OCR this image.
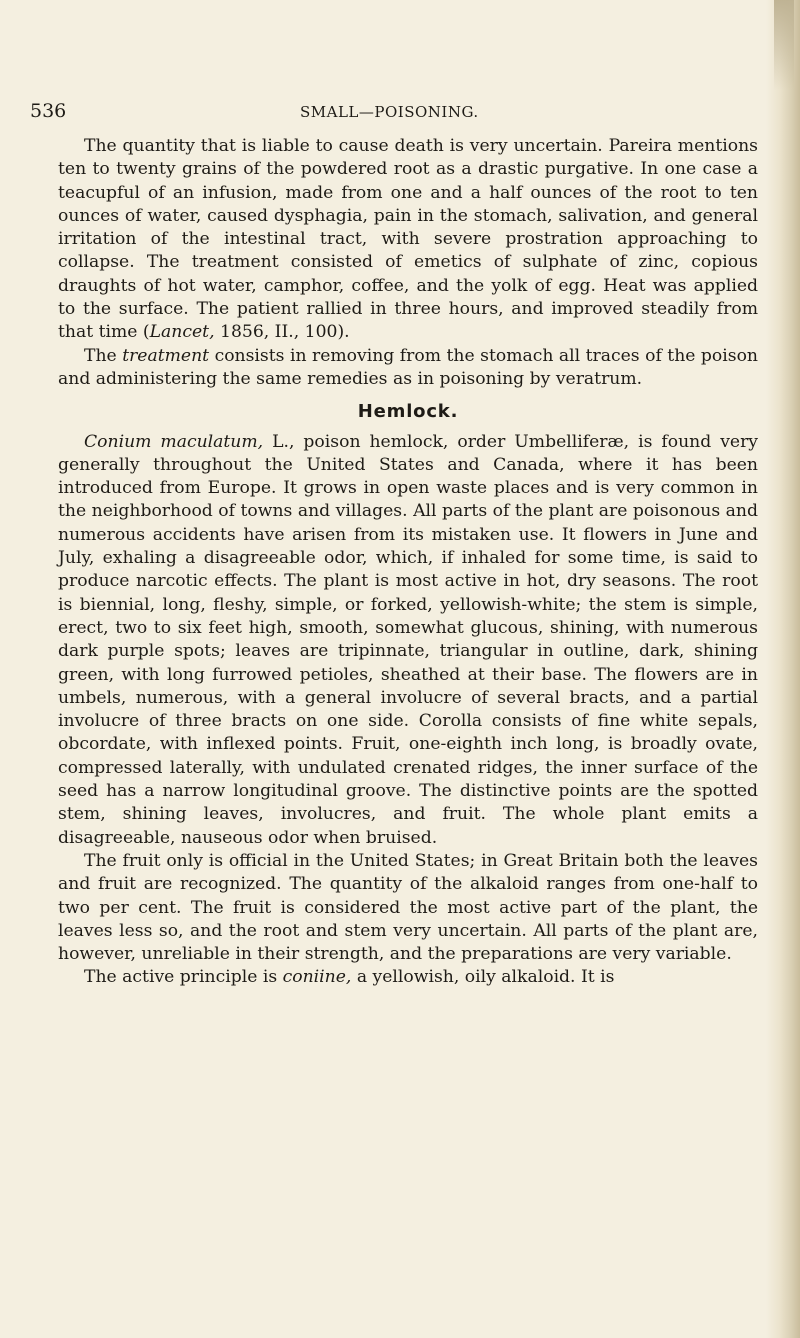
536	SMALL—POISONING.

The quantity that is liable to cause death is very uncertain. Pareira mentions ten to twenty grains of the powdered root as a drastic purgative. In one case a teacupful of an infusion, made from one and a half ounces of the root to ten ounces of water, caused dysphagia, pain in the stomach, salivation, and general irritation of the intestinal tract, with severe prostration approaching to collapse. The treatment consisted of emetics of sulphate of zinc, copious draughts of hot water, camphor, coffee, and the yolk of egg. Heat was applied to the surface. The patient rallied in three hours, and improved steadily from that time (Lancet, 1856, II., 100).

The treatment consists in removing from the stomach all traces of the poison and administering the same remedies as in poisoning by veratrum.

Hemlock.

Conium maculatum, L., poison hemlock, order Umbelliferæ, is found very generally throughout the United States and Canada, where it has been introduced from Europe. It grows in open waste places and is very common in the neighborhood of towns and villages. All parts of the plant are poisonous and numerous accidents have arisen from its mistaken use. It flowers in June and July, exhaling a disagreeable odor, which, if inhaled for some time, is said to produce narcotic effects. The plant is most active in hot, dry seasons. The root is biennial, long, fleshy, simple, or forked, yellowish-white; the stem is simple, erect, two to six feet high, smooth, somewhat glucous, shining, with numerous dark purple spots; leaves are tripinnate, triangular in outline, dark, shining green, with long furrowed petioles, sheathed at their base. The flowers are in umbels, numerous, with a general involucre of several bracts, and a partial involucre of three bracts on one side. Corolla consists of fine white sepals, obcordate, with inflexed points. Fruit, one-eighth inch long, is broadly ovate, compressed laterally, with undulated crenated ridges, the inner surface of the seed has a narrow longitudinal groove. The distinctive points are the spotted stem, shining leaves, involucres, and fruit. The whole plant emits a disagreeable, nauseous odor when bruised.

The fruit only is official in the United States; in Great Britain both the leaves and fruit are recognized. The quantity of the alkaloid ranges from one-half to two per cent. The fruit is considered the most active part of the plant, the leaves less so, and the root and stem very uncertain. All parts of the plant are, however, unreliable in their strength, and the preparations are very variable.

The active principle is coniine, a yellowish, oily alkaloid. It is
